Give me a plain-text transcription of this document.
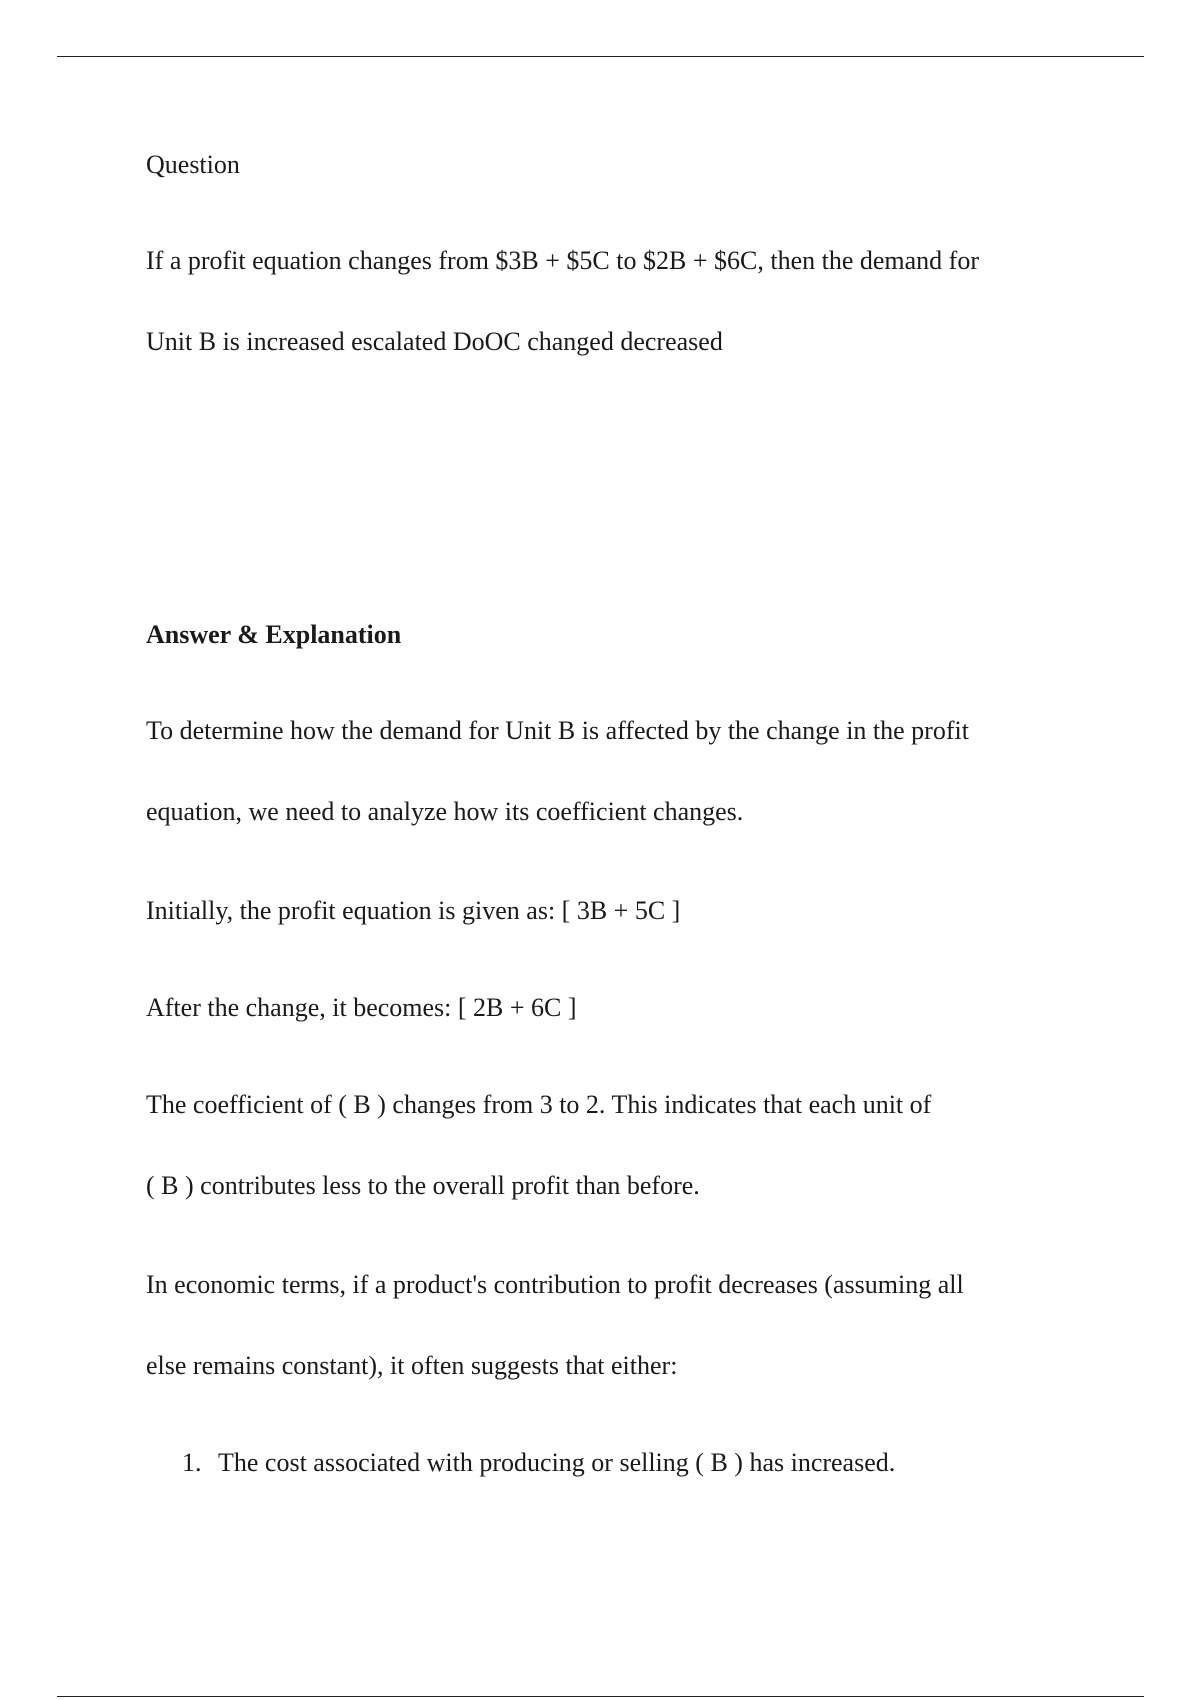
Question

If a profit equation changes from $3B + $5C to $2B + $6C, then the demand for

Unit B is increased escalated DoOC changed decreased

Answer & Explanation

To determine how the demand for Unit B is affected by the change in the profit

equation, we need to analyze how its coefficient changes.

Initially, the profit equation is given as: [ 3B + 5C ]

After the change, it becomes: [ 2B + 6C ]

The coefficient of ( B ) changes from 3 to 2. This indicates that each unit of

( B ) contributes less to the overall profit than before.

In economic terms, if a product's contribution to profit decreases (assuming all

else remains constant), it often suggests that either:

1. The cost associated with producing or selling ( B ) has increased.
